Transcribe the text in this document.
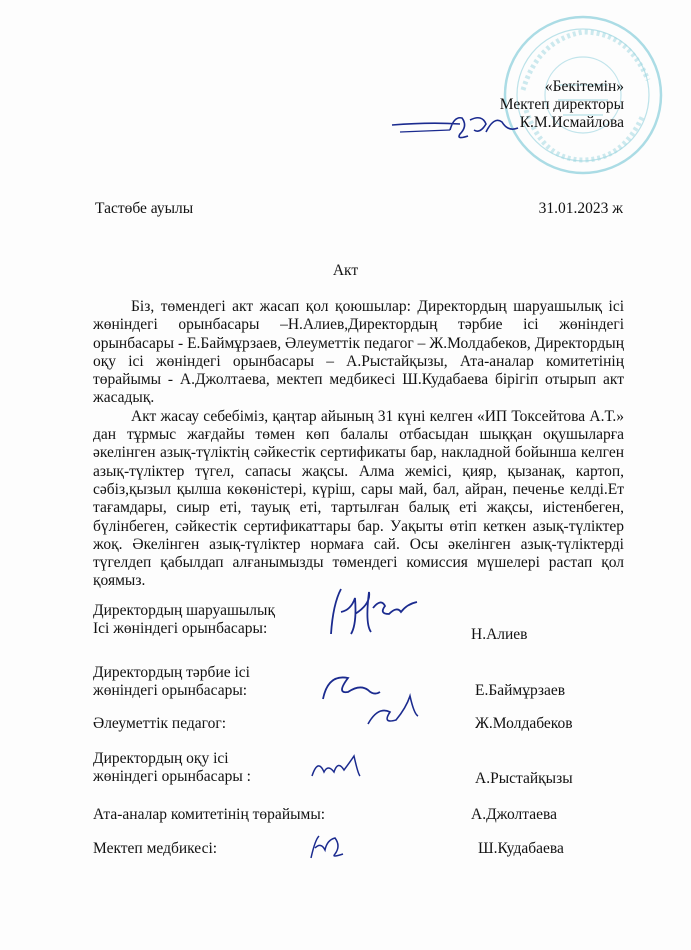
«Бекітемін»
Мектеп директоры
К.М.Исмайлова
Тастөбе ауылы	31.01.2023 ж
Акт

Біз, төмендегі акт жасап қол қоюшылар: Директордың шаруашылық ісі жөніндегі орынбасары –Н.Алиев,Директордың тәрбие ісі жөніндегі орынбасары - Е.Баймұрзаев, Әлеуметтік педагог – Ж.Молдабеков, Директордың оқу ісі жөніндегі орынбасары – А.Рыстайқызы, Ата-аналар комитетінің төрайымы - А.Джолтаева, мектеп медбикесі Ш.Кудабаева бірігіп отырып акт жасадық.

Акт жасау себебіміз, қаңтар айының 31 күні келген «ИП Токсейтова А.Т.» дан тұрмыс жағдайы төмен көп балалы отбасыдан шыққан оқушыларға әкелінген азық-түліктің сәйкестік сертификаты бар, накладной бойынша келген азық-түліктер түгел, сапасы жақсы. Алма жемісі, қияр, қызанақ, картоп, сәбіз,қызыл қылша көкөністері, күріш, сары май, бал, айран, печенье келді.Ет тағамдары, сиыр еті, тауық еті, тартылған балық еті жақсы, иістенбеген, бүлінбеген, сәйкестік сертификаттары бар. Уақыты өтіп кеткен азық-түліктер жоқ. Әкелінген азық-түліктер нормаға сай. Осы әкелінген азық-түліктерді түгелдеп қабылдап алғанымызды төмендегі комиссия мүшелері растап қол қоямыз.

Директордың шаруашылық
Ісі жөніндегі орынбасары:	Н.Алиев
Директордың тәрбие ісі
жөніндегі орынбасары:	Е.Баймұрзаев
Әлеуметтік педагог:	Ж.Молдабеков
Директордың оқу ісі
жөніндегі орынбасары :	А.Рыстайқызы
Ата-аналар комитетінің төрайымы:	А.Джолтаева
Мектеп медбикесі:	Ш.Кудабаева
